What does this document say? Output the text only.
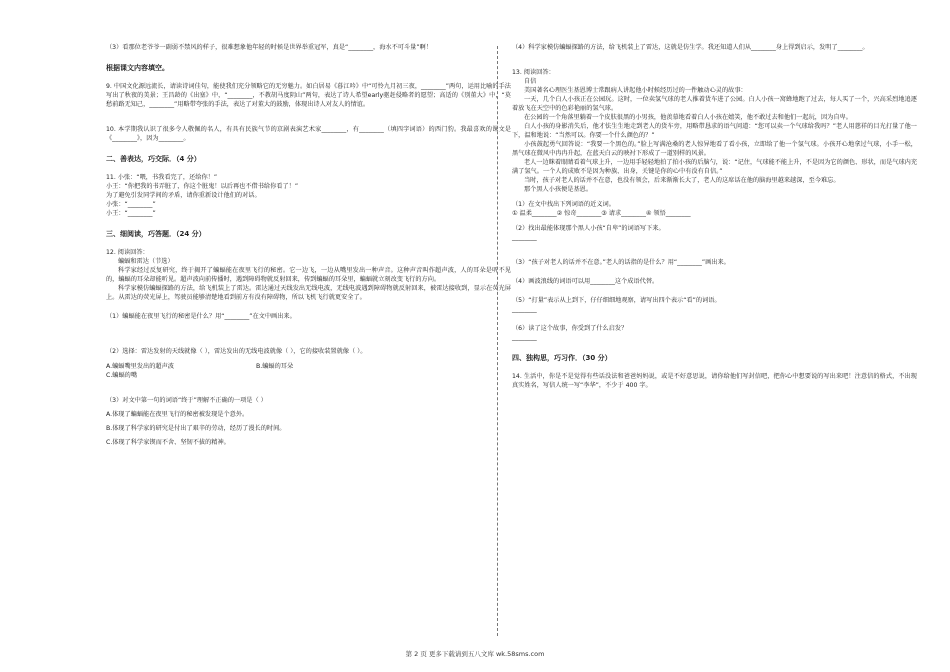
（3）看那位老爷爷一副弱不禁风的样子，很难想象他年轻的时候是世界举重冠军，真是“________，海水不可斗量”啊！

根据课文内容填空。

9. 中国文化源远流长，请读诗词佳句，能使我们充分领略它的无穷魅力。如白居易《暮江吟》中“可怜九月初三夜，________”两句，运用比喻的手法写出了秋夜的美景；王昌龄的《出塞》中，“________，不教胡马度阴山”两句，表达了诗人希望early驱赶侵略者的愿望；高适的《别董大》中，“莫愁前路无知己，________”用略带夸张的手法，表达了对董大的鼓励，体现出诗人对友人的情谊。

10. 本学期我认识了很多令人敬佩的名人，有具有民族气节的京剧表演艺术家________，有________（填四字词语）的西门豹。我最喜欢的课文是《________》，因为________。

二、善表达，巧交际．（4 分）

11. 小张：“喂，书我看完了，还给你！”

小王：“你把我的书弄脏了，你这个脏鬼！以后再也不借书给你看了！”

为了避免引发同学间的矛盾，请你重新设计他们的对话。

小张：“________”

小王：“________”

三、细阅读，巧答题．（24 分）

12. 阅读回答：

蝙蝠和雷达（节选）

科学家经过反复研究，终于揭开了蝙蝠能在夜里飞行的秘密。它一边飞，一边从嘴里发出一种声音。这种声音叫作超声波，人的耳朵是听不见的，蝙蝠的耳朵却能听见。超声波向前传播时，遇到障碍物就反射回来，传到蝙蝠的耳朵里，蝙蝠就立刻改变飞行的方向。

科学家模仿蝙蝠探路的方法，给飞机装上了雷达。雷达通过天线发出无线电波，无线电波遇到障碍物就反射回来，被雷达接收到，显示在荧光屏上。从雷达的荧光屏上，驾驶员能够清楚地看到前方有没有障碍物，所以飞机飞行就更安全了。

（1）蝙蝠能在夜里飞行的秘密是什么？用“________”在文中画出来。

（2）选择：雷达发射的天线就像（ ），雷达发出的无线电波就像（ ），它的接收装置就像（ ）。

A.蝙蝠嘴里发出的超声波	B.蝙蝠的耳朵

C.蝙蝠的嘴

（3）对文中第一句的词语“终于”理解不正确的一项是（ ）

A.体现了蝙蝠能在夜里飞行的秘密被发现是个意外。

B.体现了科学家的研究是付出了艰辛的劳动，经历了漫长的时间。

C.体现了科学家锲而不舍、坚韧不拔的精神。

（4）科学家模仿蝙蝠探路的方法，给飞机装上了雷达，这就是仿生学。我还知道人们从________身上得到启示，发明了________。

13. 阅读回答：

自信

美国著名心理医生基恩博士常跟病人讲起他小时候经历过的一件触动心灵的故事：

一天，几个白人小孩正在公园玩。这时，一位卖氢气球的老人推着货车进了公园。白人小孩一窝蜂地跑了过去，每人买了一个，兴高采烈地追逐着放飞在天空中的色彩艳丽的氢气球。

在公园的一个角落里躺着一个皮肤很黑的小男孩，他羡慕地看着白人小孩在嬉笑，他不敢过去和他们一起玩，因为自卑。

白人小孩的身影消失后，他才怯生生地走到老人的货车旁，用略带恳求的语气问道：“您可以卖一个气球给我吗？”老人用慈祥的目光打量了他一下，温和地说：“当然可以。你要一个什么颜色的？”

小孩鼓起勇气回答说：“我要一个黑色的。”脸上写满沧桑的老人惊异地看了看小孩，立即给了他一个氢气球。小孩开心地拿过气球，小手一松，黑气球在微风中冉冉升起，在蓝天白云的映衬下形成了一道别样的风景。

老人一边眯着眼睛看着气球上升，一边用手轻轻地拍了拍小孩的后脑勺，说：“记住，气球能不能上升，不是因为它的颜色、形状，而是气球内充满了氢气。一个人的成败不是因为种族、出身，关键是你的心中有没有自信。”

当时，孩子对老人的话并不在意，也没有领会，后来渐渐长大了，老人的这席话在他的脑海里越来越深，至今难忘。

那个黑人小孩便是基恩。

（1）在文中找出下列词语的近义词。

① 温柔________② 惊奇________③ 请求________④ 领悟________

（2）找出最能体现那个黑人小孩“自卑”的词语写下来。

________

（3）“孩子对老人的话并不在意。”老人的话指的是什么？用“________”画出来。

（4）画波浪线的词语可以用________这个成语代替。

（5）“打量”表示从上到下，仔仔细细地观察，请写出四个表示“看”的词语。

________

（6）读了这个故事，你受到了什么启发？

________

四、独构思，巧习作．（30 分）

14. 生活中，你是不是觉得有些话没法和爸爸妈妈说，或是不好意思说，请你给他们写封信吧，把你心中想要说的写出来吧！注意信的格式，不出现真实姓名，写信人统一写“李华”，不少于 400 字。

第 2 页 更多下载请到五八文库 wk.58sms.com
